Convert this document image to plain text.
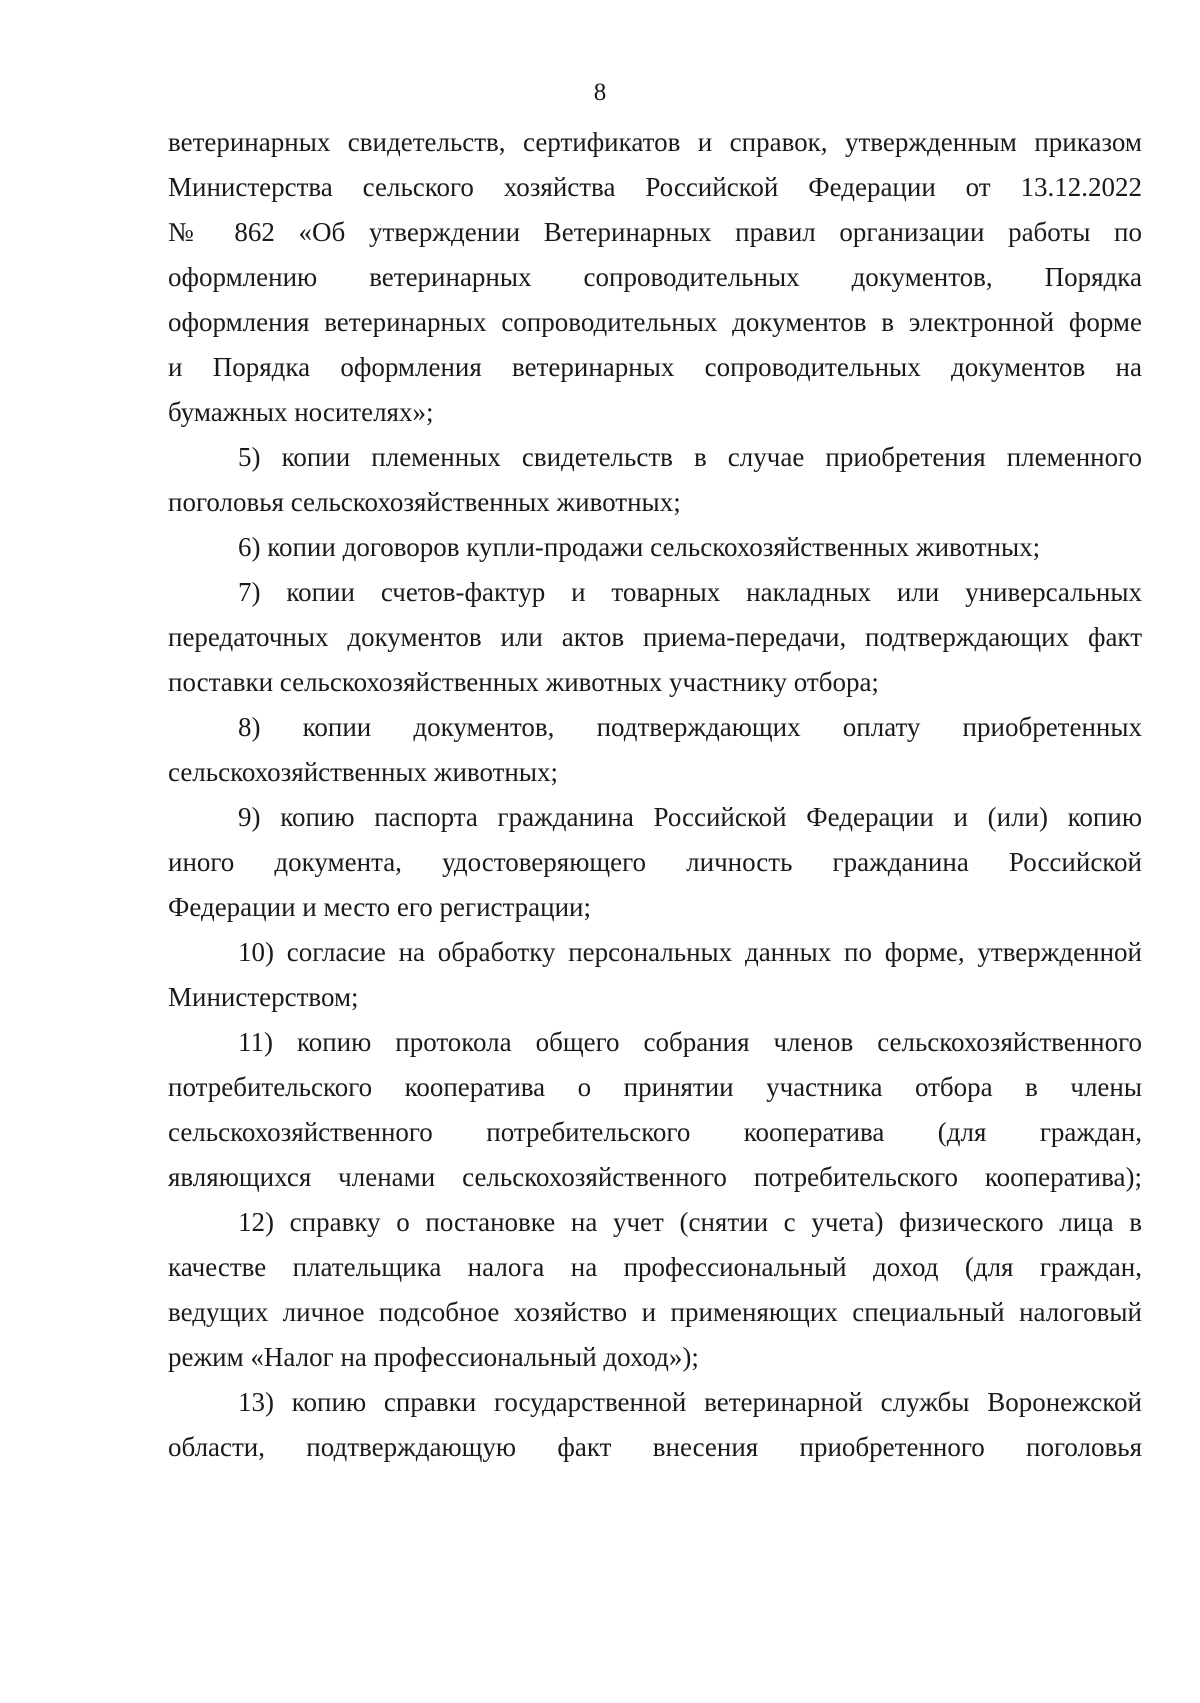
8
ветеринарных свидетельств, сертификатов и справок, утвержденным приказом
Министерства сельского хозяйства Российской Федерации от 13.12.2022
№ 862 «Об утверждении Ветеринарных правил организации работы по
оформлению ветеринарных сопроводительных документов, Порядка
оформления ветеринарных сопроводительных документов в электронной форме
и Порядка оформления ветеринарных сопроводительных документов на
бумажных носителях»;
5) копии племенных свидетельств в случае приобретения племенного
поголовья сельскохозяйственных животных;
6) копии договоров купли-продажи сельскохозяйственных животных;
7) копии счетов-фактур и товарных накладных или универсальных
передаточных документов или актов приема-передачи, подтверждающих факт
поставки сельскохозяйственных животных участнику отбора;
8) копии документов, подтверждающих оплату приобретенных
сельскохозяйственных животных;
9) копию паспорта гражданина Российской Федерации и (или) копию
иного документа, удостоверяющего личность гражданина Российской
Федерации и место его регистрации;
10) согласие на обработку персональных данных по форме, утвержденной
Министерством;
11) копию протокола общего собрания членов сельскохозяйственного
потребительского кооператива о принятии участника отбора в члены
сельскохозяйственного потребительского кооператива (для граждан,
являющихся членами сельскохозяйственного потребительского кооператива);
12) справку о постановке на учет (снятии с учета) физического лица в
качестве плательщика налога на профессиональный доход (для граждан,
ведущих личное подсобное хозяйство и применяющих специальный налоговый
режим «Налог на профессиональный доход»);
13) копию справки государственной ветеринарной службы Воронежской
области, подтверждающую факт внесения приобретенного поголовья
